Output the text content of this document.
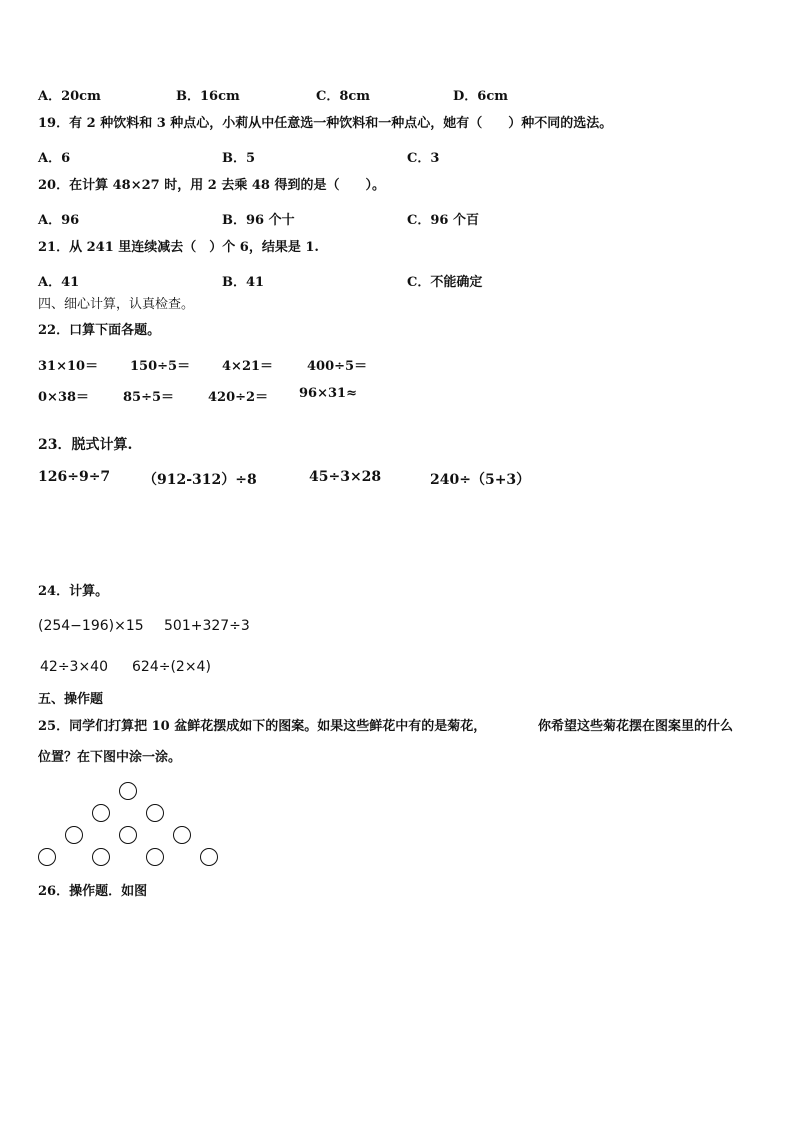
A．20cm	B．16cm	C．8cm	D．6cm
19．有 2 种饮料和 3 种点心，小莉从中任意选一种饮料和一种点心，她有（　　）种不同的选法。
A．6	B．5	C．3
20．在计算 48×27 时，用 2 去乘 48 得到的是（　　）。
A．96	B．96 个十	C．96 个百
21．从 241 里连续减去（　）个 6，结果是 1.
A．41	B．41	C．不能确定
四、细心计算，认真检查。
22．口算下面各题。
31×10＝ 150÷5＝ 4×21＝	400÷5＝
0×38＝	85÷5＝	420÷2＝ 96×31≈
23．脱式计算.
126÷9÷7 （912-312）÷8	45÷3×28	240÷（5+3）
24．计算。
(254−196)×15 501+327÷3
42÷3×40 624÷(2×4)
五、操作题
25．同学们打算把 10 盆鲜花摆成如下的图案。如果这些鲜花中有的是菊花，	你希望这些菊花摆在图案里的什么
位置？在下图中涂一涂。
26．操作题．如图
